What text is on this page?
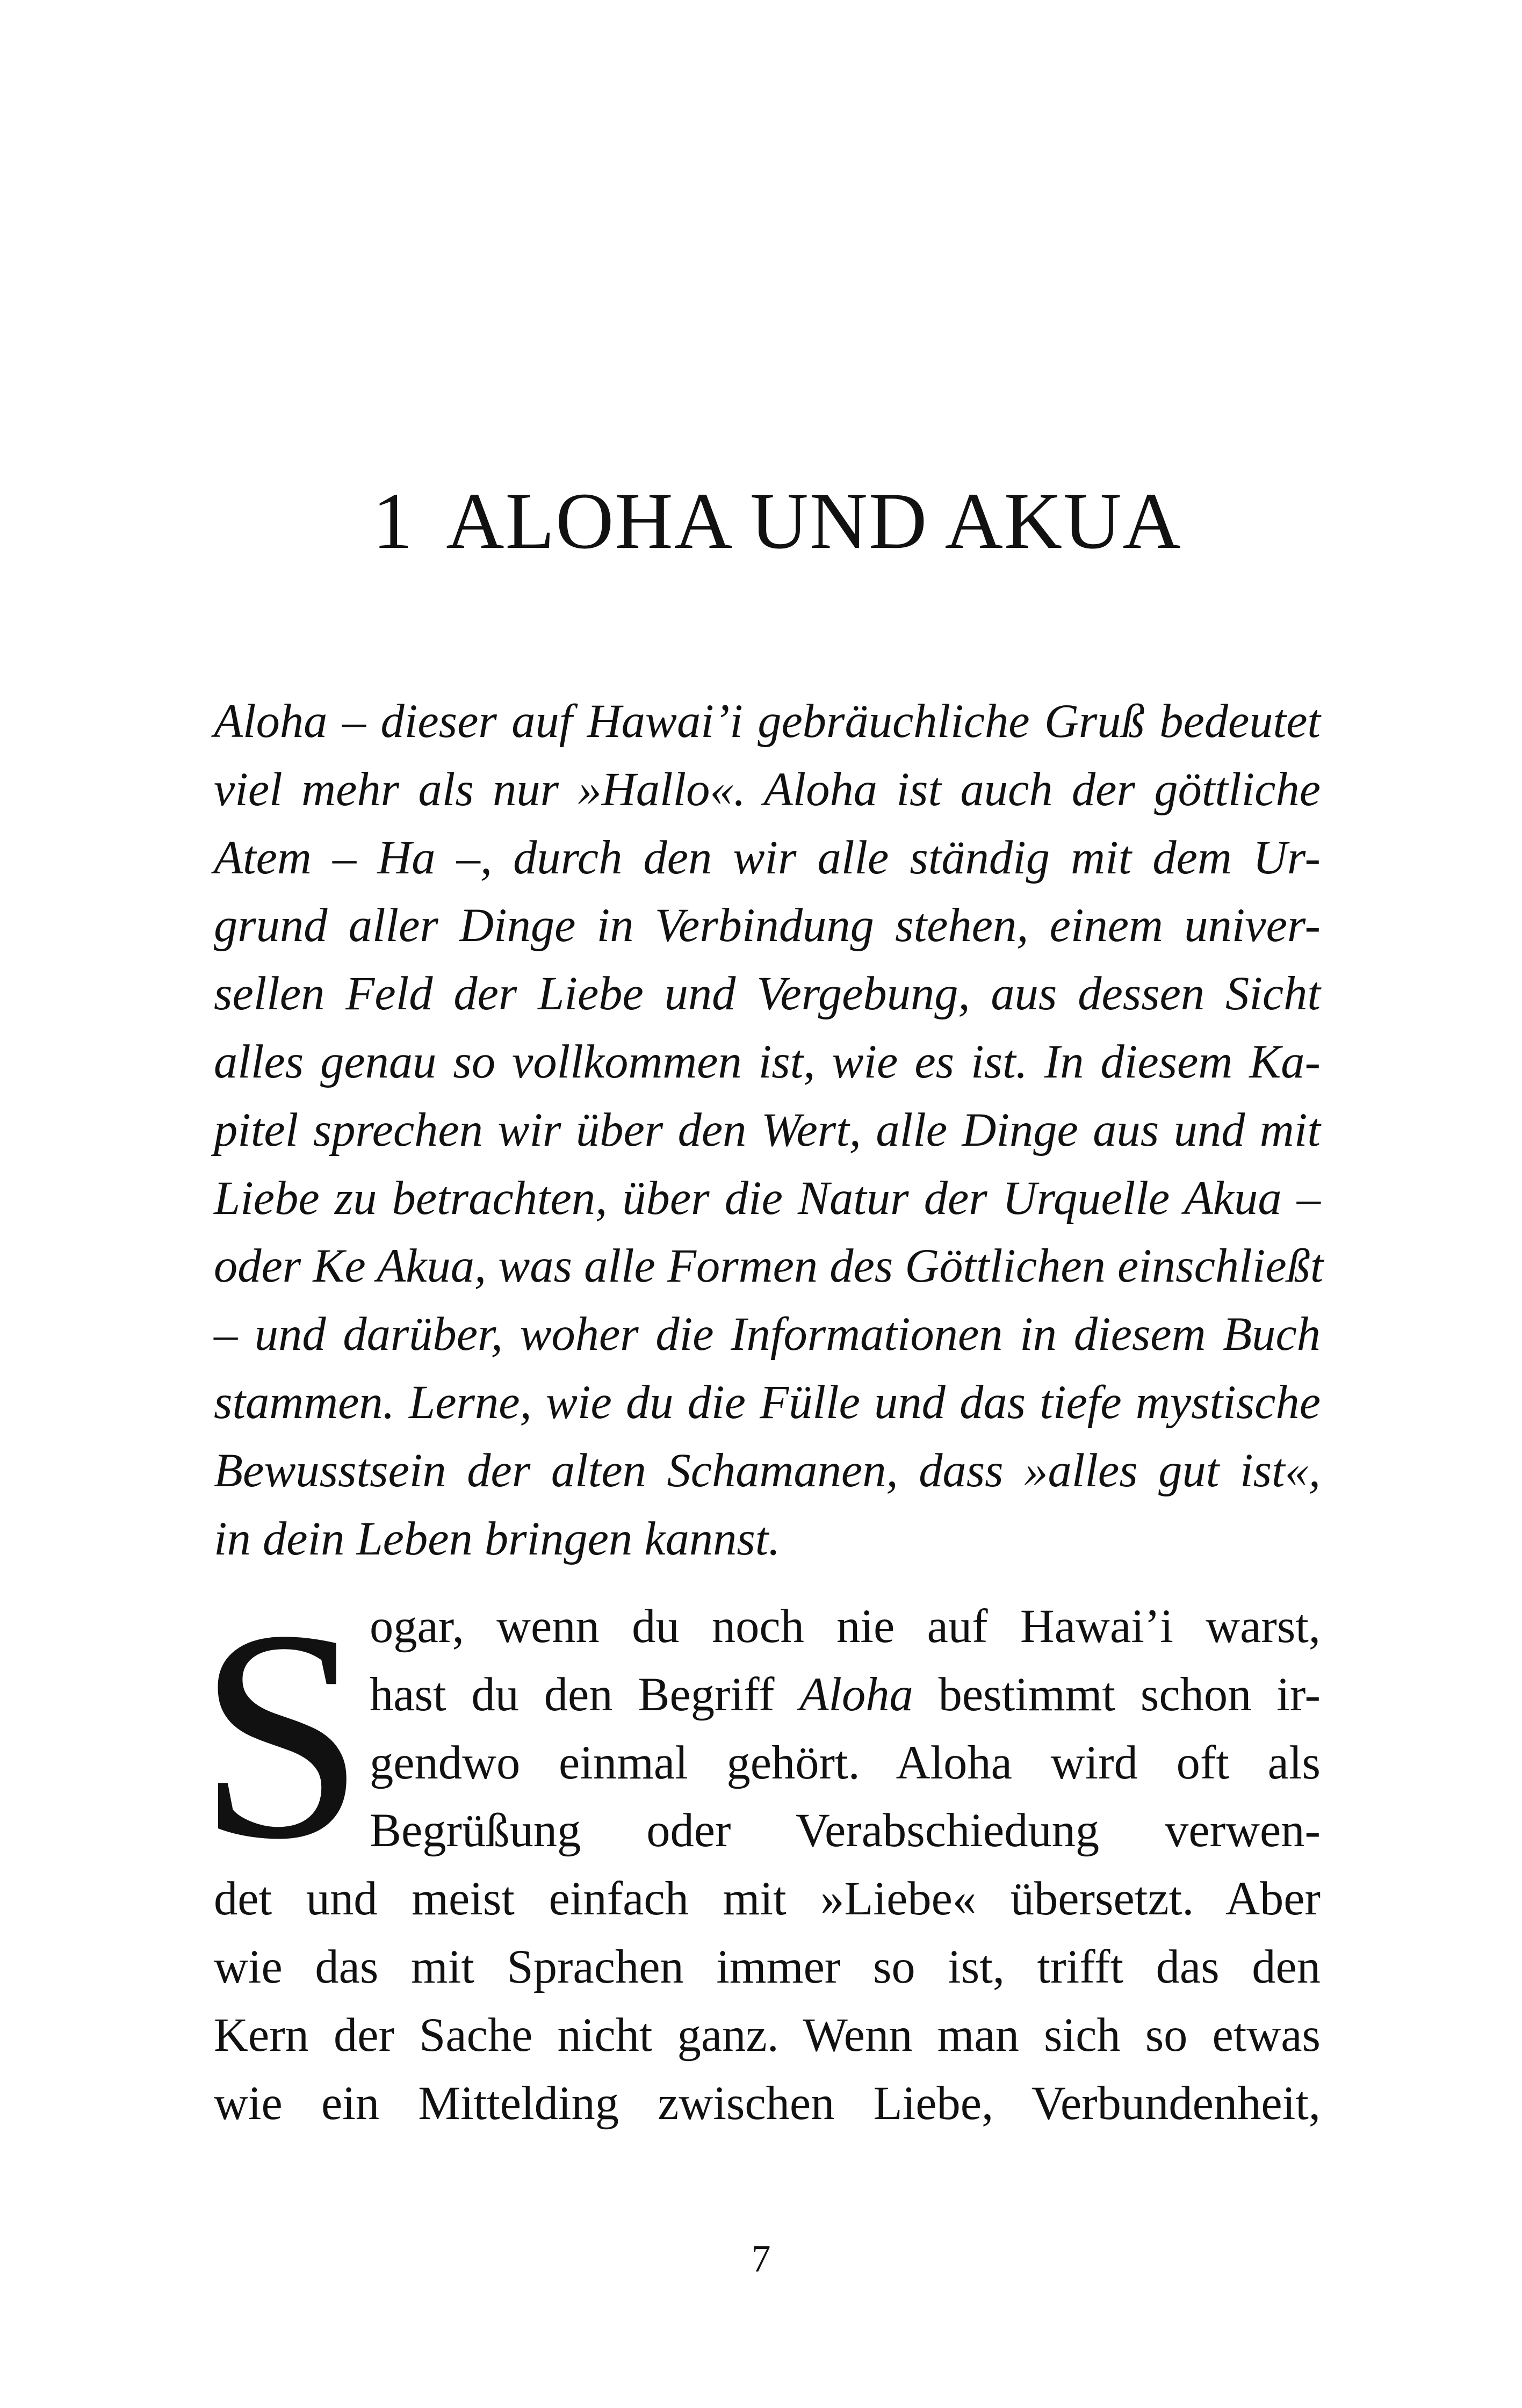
1 ALOHA UND AKUA
Aloha – dieser auf Hawai’i gebräuchliche Gruß bedeutet
viel mehr als nur »Hallo«. Aloha ist auch der göttliche
Atem – Ha –, durch den wir alle ständig mit dem Ur-
grund aller Dinge in Verbindung stehen, einem univer-
sellen Feld der Liebe und Vergebung, aus dessen Sicht
alles genau so vollkommen ist, wie es ist. In diesem Ka-
pitel sprechen wir über den Wert, alle Dinge aus und mit
Liebe zu betrachten, über die Natur der Urquelle Akua –
oder Ke Akua, was alle Formen des Göttlichen einschließt
– und darüber, woher die Informationen in diesem Buch
stammen. Lerne, wie du die Fülle und das tiefe mystische
Bewusstsein der alten Schamanen, dass »alles gut ist«,
in dein Leben bringen kannst.
S ogar, wenn du noch nie auf Hawai’i warst,
hast du den Begriff Aloha bestimmt schon ir-
gendwo einmal gehört. Aloha wird oft als
Begrüßung oder Verabschiedung verwen-
det und meist einfach mit »Liebe« übersetzt. Aber
wie das mit Sprachen immer so ist, trifft das den
Kern der Sache nicht ganz. Wenn man sich so etwas
wie ein Mittelding zwischen Liebe, Verbundenheit,
7
